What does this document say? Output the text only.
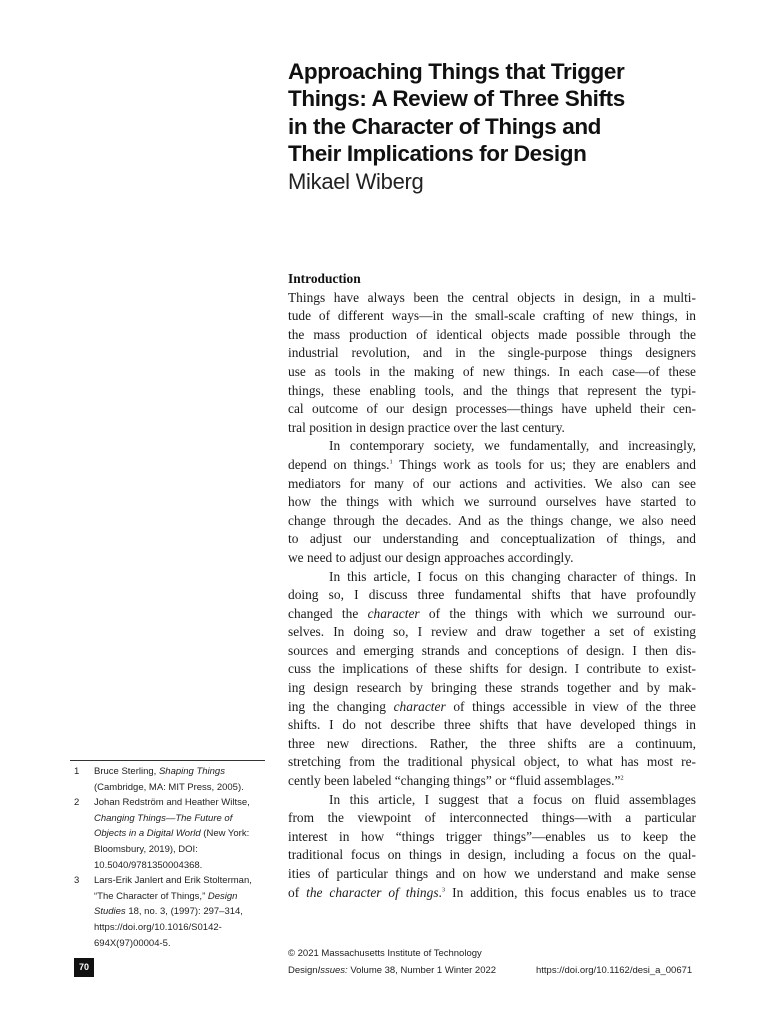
Approaching Things that Trigger
Things: A Review of Three Shifts
in the Character of Things and
Their Implications for Design
Mikael Wiberg
Introduction
Things have always been the central objects in design, in a multi-
tude of different ways—in the small-scale crafting of new things, in
the mass production of identical objects made possible through the
industrial revolution, and in the single-purpose things designers
use as tools in the making of new things. In each case—of these
things, these enabling tools, and the things that represent the typi-
cal outcome of our design processes—things have upheld their cen-
tral position in design practice over the last century.
In contemporary society, we fundamentally, and increasingly,
depend on things.$^1$ Things work as tools for us; they are enablers and
mediators for many of our actions and activities. We also can see
how the things with which we surround ourselves have started to
change through the decades. And as the things change, we also need
to adjust our understanding and conceptualization of things, and
we need to adjust our design approaches accordingly.
In this article, I focus on this changing character of things. In
doing so, I discuss three fundamental shifts that have profoundly
changed the character of the things with which we surround our-
selves. In doing so, I review and draw together a set of existing
sources and emerging strands and conceptions of design. I then dis-
cuss the implications of these shifts for design. I contribute to exist-
ing design research by bringing these strands together and by mak-
ing the changing character of things accessible in view of the three
shifts. I do not describe three shifts that have developed things in
three new directions. Rather, the three shifts are a continuum,
stretching from the traditional physical object, to what has most re-
cently been labeled “changing things” or “fluid assemblages.”$^2$
In this article, I suggest that a focus on fluid assemblages
from the viewpoint of interconnected things—with a particular
interest in how “things trigger things”—enables us to keep the
traditional focus on things in design, including a focus on the qual-
ities of particular things and on how we understand and make sense
of the character of things.$^3$ In addition, this focus enables us to trace
1 Bruce Sterling, Shaping Things
(Cambridge, MA: MIT Press, 2005).
2 Johan Redström and Heather Wiltse,
Changing Things—The Future of
Objects in a Digital World (New York:
Bloomsbury, 2019), DOI:
10.5040/9781350004368.
3 Lars-Erik Janlert and Erik Stolterman,
“The Character of Things,” Design
Studies 18, no. 3, (1997): 297–314,
https://doi.org/10.1016/S0142-
694X(97)00004-5.
70
© 2021 Massachusetts Institute of Technology
DesignIssues: Volume 38, Number 1 Winter 2022	https://doi.org/10.1162/desi_a_00671
